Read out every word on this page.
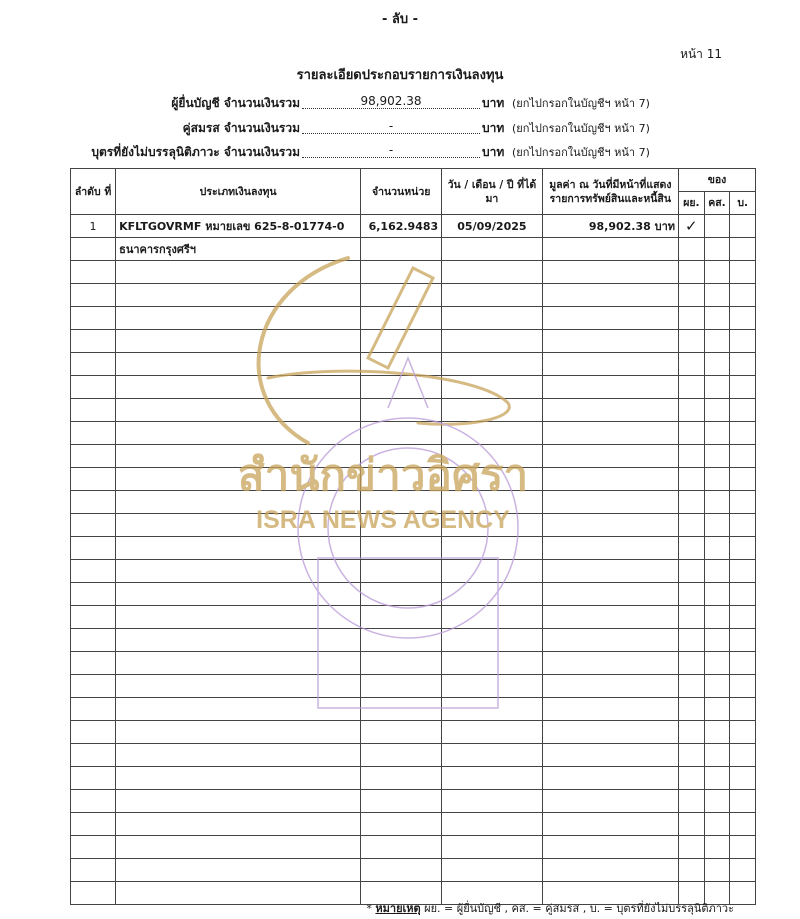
- ลับ -
หน้า 11
รายละเอียดประกอบรายการเงินลงทุน
ผู้ยื่นบัญชี จำนวนเงินรวม	98,902.38	บาท (ยกไปกรอกในบัญชีฯ หน้า 7)
คู่สมรส จำนวนเงินรวม	-	บาท (ยกไปกรอกในบัญชีฯ หน้า 7)
บุตรที่ยังไม่บรรลุนิติภาวะ จำนวนเงินรวม	-	บาท (ยกไปกรอกในบัญชีฯ หน้า 7)
ลำดับ ที่	ประเภทเงินลงทุน	จำนวนหน่วย	วัน / เดือน / ปี ที่ได้มา	มูลค่า ณ วันที่มีหน้าที่แสดง รายการทรัพย์สินและหนี้สิน	ของ		
					ผย.	คส.	บ.
1	KFLTGOVRMF หมายเลข 625-8-01774-0	6,162.9483	05/09/2025	98,902.38 บาท	✓		
	ธนาคารกรุงศรีฯ						

สำนักข่าวอิศรา
ISRA NEWS AGENCY
* หมายเหตุ ผย. = ผู้ยื่นบัญชี , คส. = คู่สมรส , บ. = บุตรที่ยังไม่บรรลุนิติภาวะ
